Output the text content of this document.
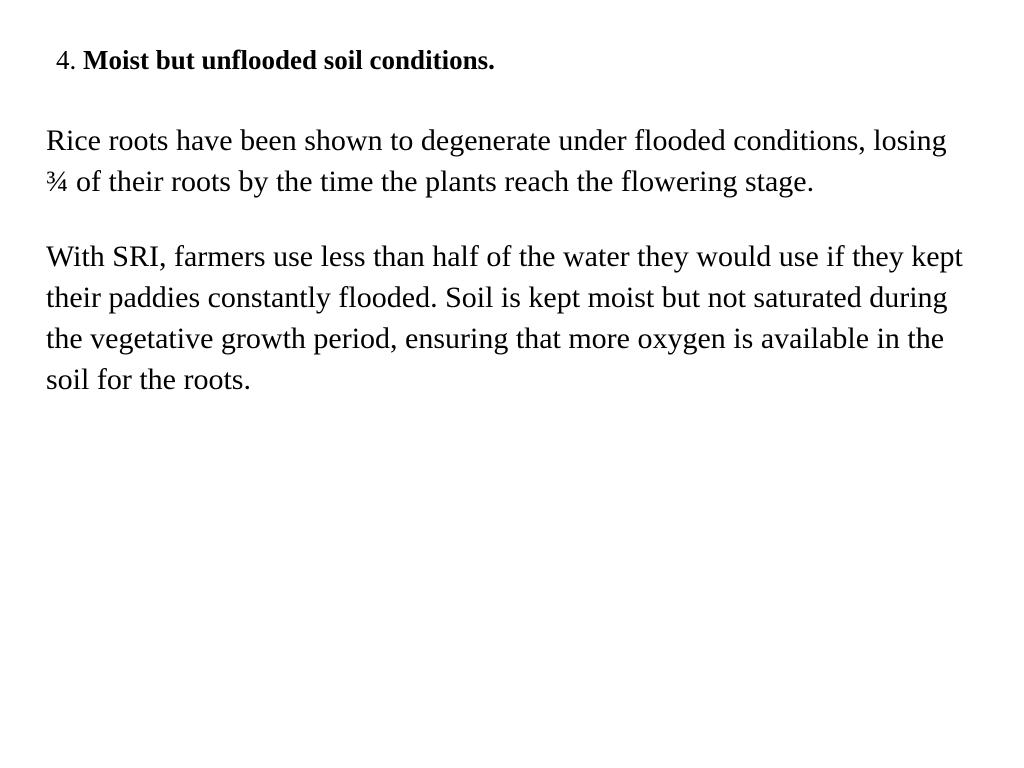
4. Moist but unflooded soil conditions.

Rice roots have been shown to degenerate under flooded conditions, losing ¾ of their roots by the time the plants reach the flowering stage.

With SRI, farmers use less than half of the water they would use if they kept their paddies constantly flooded. Soil is kept moist but not saturated during the vegetative growth period, ensuring that more oxygen is available in the soil for the roots.
